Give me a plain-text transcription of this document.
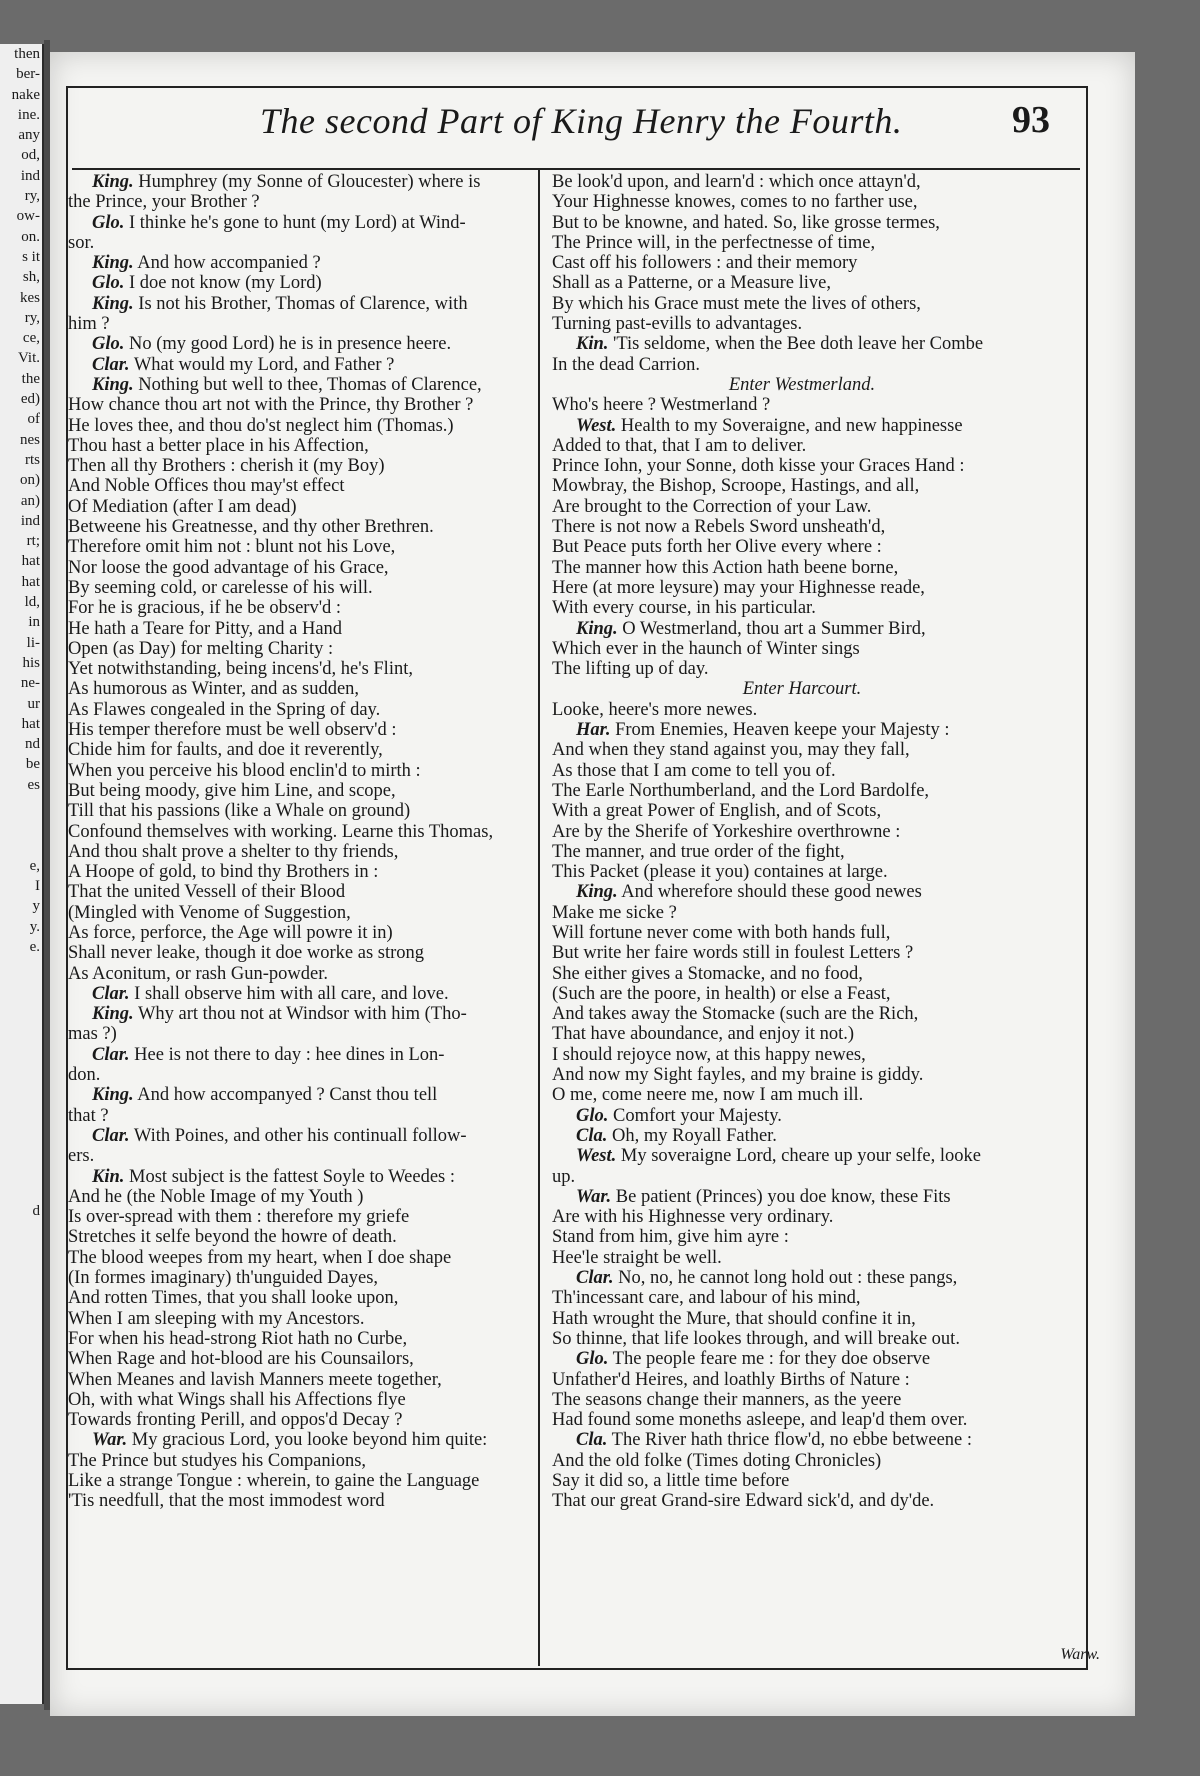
then
ber-
nake
ine.
any
od,
ind
ry,
ow-
on.
s it
sh,
kes
ry,
ce,
Vit.
the
ed)
of
nes
rts
on)
an)
ind
rt;
hat
hat
ld,
in
li-
his
ne-
ur
hat
nd
be
es

e,
I
y
y.
e.

d
The second Part of King Henry the Fourth.	93
King. Humphrey (my Sonne of Gloucester) where is
the Prince, your Brother ?
Glo. I thinke he's gone to hunt (my Lord) at Wind-
sor.
King. And how accompanied ?
Glo. I doe not know (my Lord)
King. Is not his Brother, Thomas of Clarence, with
him ?
Glo. No (my good Lord) he is in presence heere.
Clar. What would my Lord, and Father ?
King. Nothing but well to thee, Thomas of Clarence,
How chance thou art not with the Prince, thy Brother ?
He loves thee, and thou do'st neglect him (Thomas.)
Thou hast a better place in his Affection,
Then all thy Brothers : cherish it (my Boy)
And Noble Offices thou may'st effect
Of Mediation (after I am dead)
Betweene his Greatnesse, and thy other Brethren.
Therefore omit him not : blunt not his Love,
Nor loose the good advantage of his Grace,
By seeming cold, or carelesse of his will.
For he is gracious, if he be observ'd :
He hath a Teare for Pitty, and a Hand
Open (as Day) for melting Charity :
Yet notwithstanding, being incens'd, he's Flint,
As humorous as Winter, and as sudden,
As Flawes congealed in the Spring of day.
His temper therefore must be well observ'd :
Chide him for faults, and doe it reverently,
When you perceive his blood enclin'd to mirth :
But being moody, give him Line, and scope,
Till that his passions (like a Whale on ground)
Confound themselves with working. Learne this Thomas,
And thou shalt prove a shelter to thy friends,
A Hoope of gold, to bind thy Brothers in :
That the united Vessell of their Blood
(Mingled with Venome of Suggestion,
As force, perforce, the Age will powre it in)
Shall never leake, though it doe worke as strong
As Aconitum, or rash Gun-powder.
Clar. I shall observe him with all care, and love.
King. Why art thou not at Windsor with him (Tho-
mas ?)
Clar. Hee is not there to day : hee dines in Lon-
don.
King. And how accompanyed ? Canst thou tell
that ?
Clar. With Poines, and other his continuall follow-
ers.
Kin. Most subject is the fattest Soyle to Weedes :
And he (the Noble Image of my Youth )
Is over-spread with them : therefore my griefe
Stretches it selfe beyond the howre of death.
The blood weepes from my heart, when I doe shape
(In formes imaginary) th'unguided Dayes,
And rotten Times, that you shall looke upon,
When I am sleeping with my Ancestors.
For when his head-strong Riot hath no Curbe,
When Rage and hot-blood are his Counsailors,
When Meanes and lavish Manners meete together,
Oh, with what Wings shall his Affections flye
Towards fronting Perill, and oppos'd Decay ?
War. My gracious Lord, you looke beyond him quite:
The Prince but studyes his Companions,
Like a strange Tongue : wherein, to gaine the Language
'Tis needfull, that the most immodest word
Be look'd upon, and learn'd : which once attayn'd,
Your Highnesse knowes, comes to no farther use,
But to be knowne, and hated. So, like grosse termes,
The Prince will, in the perfectnesse of time,
Cast off his followers : and their memory
Shall as a Patterne, or a Measure live,
By which his Grace must mete the lives of others,
Turning past-evills to advantages.
Kin. 'Tis seldome, when the Bee doth leave her Combe
In the dead Carrion.
Enter Westmerland.
Who's heere ? Westmerland ?
West. Health to my Soveraigne, and new happinesse
Added to that, that I am to deliver.
Prince Iohn, your Sonne, doth kisse your Graces Hand :
Mowbray, the Bishop, Scroope, Hastings, and all,
Are brought to the Correction of your Law.
There is not now a Rebels Sword unsheath'd,
But Peace puts forth her Olive every where :
The manner how this Action hath beene borne,
Here (at more leysure) may your Highnesse reade,
With every course, in his particular.
King. O Westmerland, thou art a Summer Bird,
Which ever in the haunch of Winter sings
The lifting up of day.
Enter Harcourt.
Looke, heere's more newes.
Har. From Enemies, Heaven keepe your Majesty :
And when they stand against you, may they fall,
As those that I am come to tell you of.
The Earle Northumberland, and the Lord Bardolfe,
With a great Power of English, and of Scots,
Are by the Sherife of Yorkeshire overthrowne :
The manner, and true order of the fight,
This Packet (please it you) containes at large.
King. And wherefore should these good newes
Make me sicke ?
Will fortune never come with both hands full,
But write her faire words still in foulest Letters ?
She either gives a Stomacke, and no food,
(Such are the poore, in health) or else a Feast,
And takes away the Stomacke (such are the Rich,
That have aboundance, and enjoy it not.)
I should rejoyce now, at this happy newes,
And now my Sight fayles, and my braine is giddy.
O me, come neere me, now I am much ill.
Glo. Comfort your Majesty.
Cla. Oh, my Royall Father.
West. My soveraigne Lord, cheare up your selfe, looke
up.
War. Be patient (Princes) you doe know, these Fits
Are with his Highnesse very ordinary.
Stand from him, give him ayre :
Hee'le straight be well.
Clar. No, no, he cannot long hold out : these pangs,
Th'incessant care, and labour of his mind,
Hath wrought the Mure, that should confine it in,
So thinne, that life lookes through, and will breake out.
Glo. The people feare me : for they doe observe
Unfather'd Heires, and loathly Births of Nature :
The seasons change their manners, as the yeere
Had found some moneths asleepe, and leap'd them over.
Cla. The River hath thrice flow'd, no ebbe betweene :
And the old folke (Times doting Chronicles)
Say it did so, a little time before
That our great Grand-sire Edward sick'd, and dy'de.
Warw.
